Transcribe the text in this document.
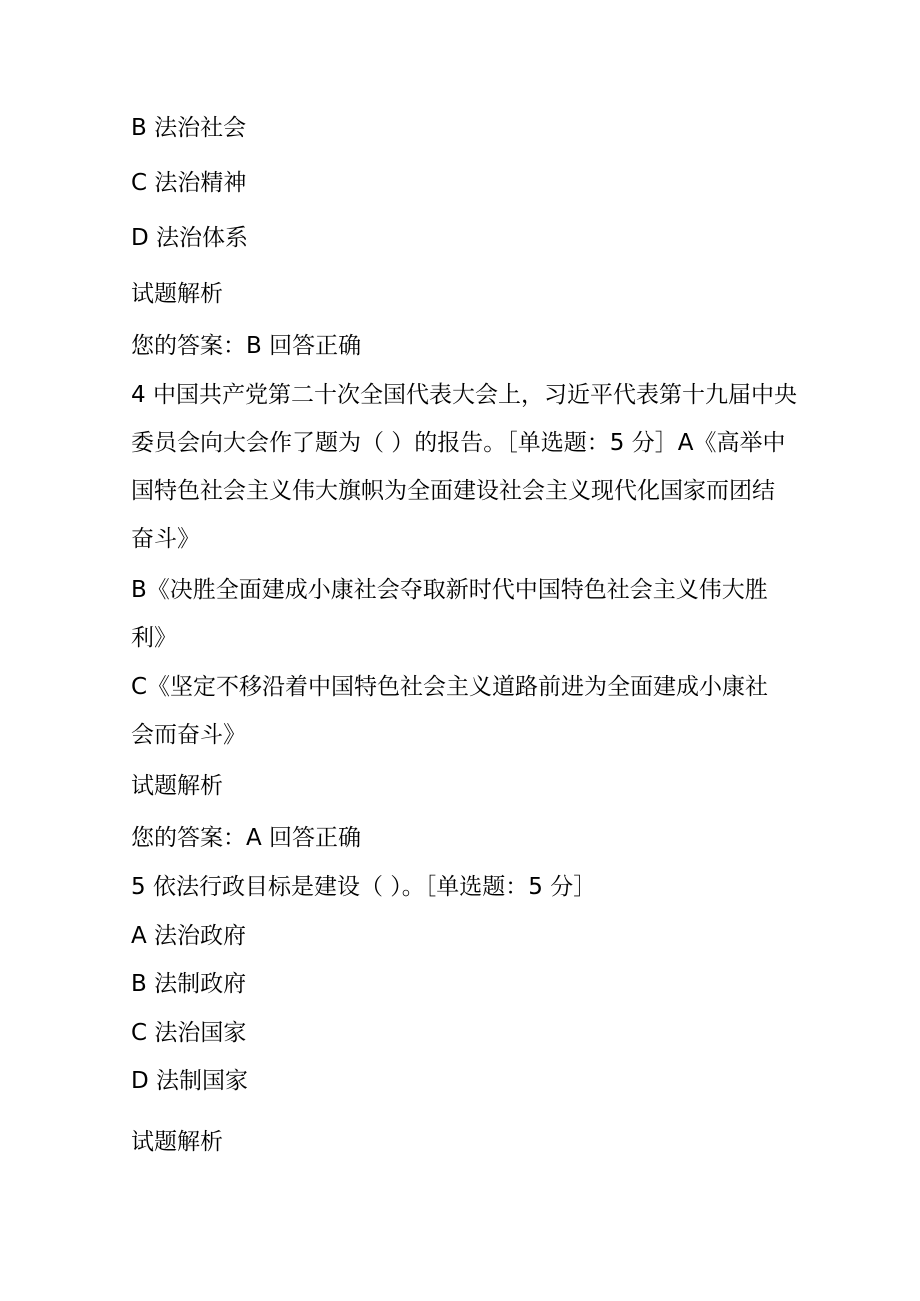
B 法治社会
C 法治精神
D 法治体系
试题解析
您的答案：B 回答正确
4 中国共产党第二十次全国代表大会上，习近平代表第十九届中央
委员会向大会作了题为（ ）的报告。［单选题：5 分］A《高举中
国特色社会主义伟大旗帜为全面建设社会主义现代化国家而团结
奋斗》
B《决胜全面建成小康社会夺取新时代中国特色社会主义伟大胜
利》
C《坚定不移沿着中国特色社会主义道路前进为全面建成小康社
会而奋斗》
试题解析
您的答案：A 回答正确
5 依法行政目标是建设（ ）。［单选题：5 分］
A 法治政府
B 法制政府
C 法治国家
D 法制国家
试题解析
